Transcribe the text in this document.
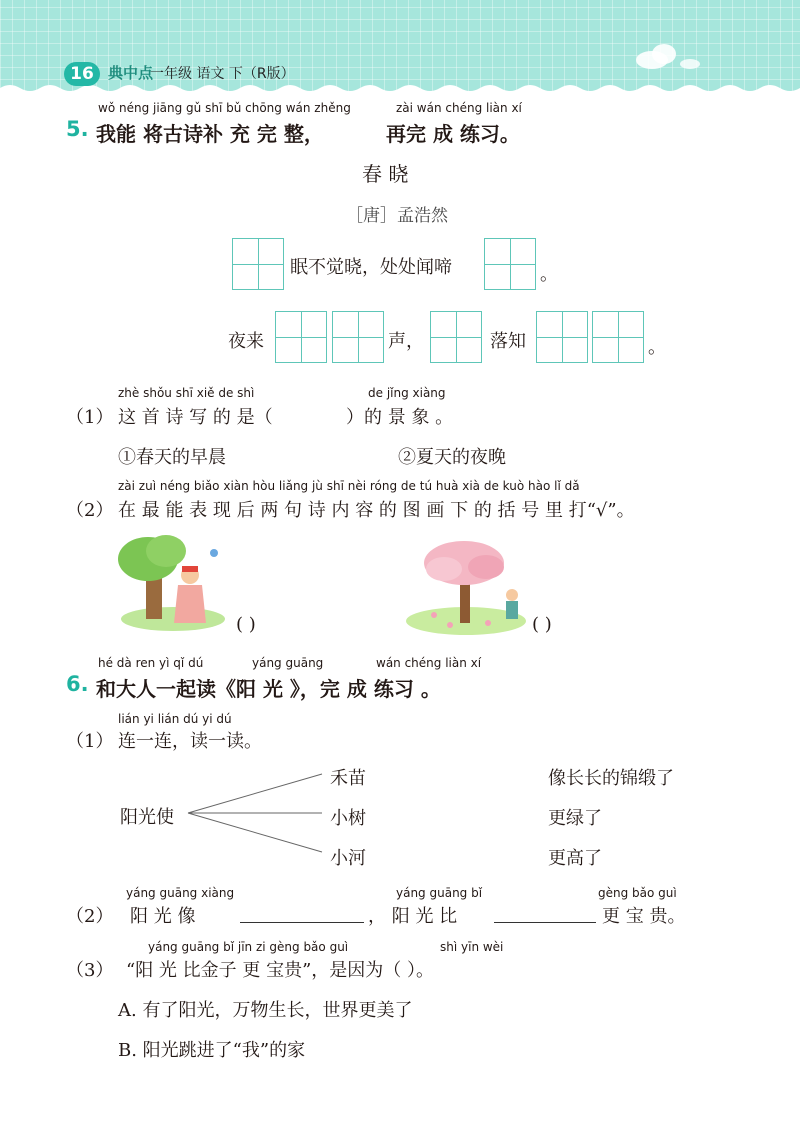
16 典中点
一年级 语文 下（R版）
wǒ néng jiāng gǔ shī bǔ chōng wán zhěng	zài wán chéng liàn xí
5. 我能 将古诗补 充 完 整，	再完 成 练习。
春 晓
［唐］孟浩然
眠不觉晓，处处闻啼	。
夜来	声，	落知	。
zhè shǒu shī xiě de shì	de jǐng xiàng
（1） 这 首 诗 写 的 是（	）的 景 象 。
①春天的早晨	②夏天的夜晚
zài zuì néng biǎo xiàn hòu liǎng jù shī nèi róng de tú huà xià de kuò hào lǐ dǎ
（2） 在 最 能 表 现 后 两 句 诗 内 容 的 图 画 下 的 括 号 里 打“√”。
( )	( )
hé dà ren yì qǐ dú	yáng guāng	wán chéng liàn xí
6. 和大人一起读《阳 光 》，完 成 练习 。
lián yi lián dú yi dú
（1） 连一连，读一读。
阳光使
禾苗
小树
小河
像长长的锦缎了
更绿了
更高了
yáng guāng xiàng	yáng guāng bǐ	gèng bǎo guì
（2） 阳 光 像	， 阳 光 比	更 宝 贵。
yáng guāng bǐ jīn zi gèng bǎo guì	shì yīn wèi
（3） “阳 光 比金子 更 宝贵”，是因为（ ）。
A. 有了阳光，万物生长，世界更美了
B. 阳光跳进了“我”的家
